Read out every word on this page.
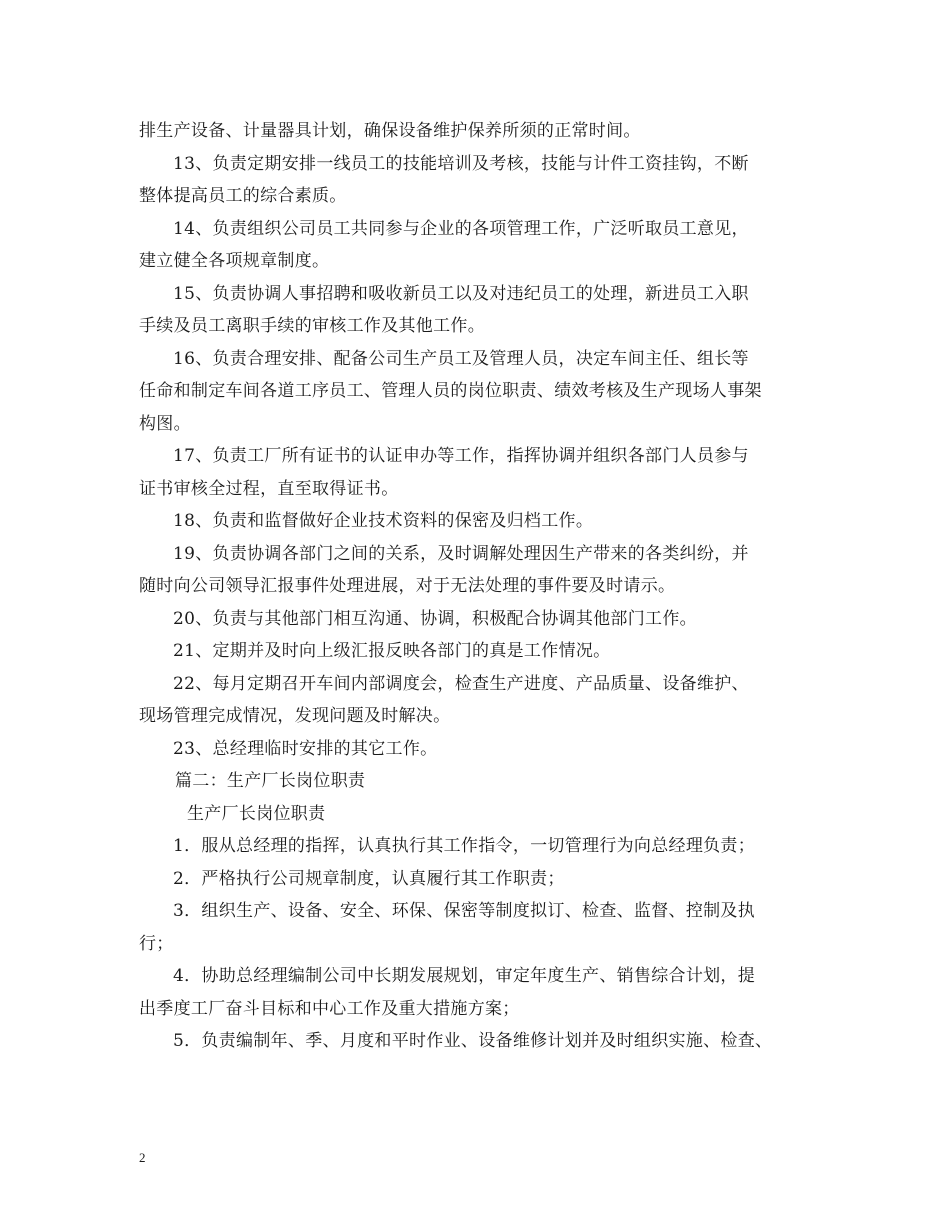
排生产设备、计量器具计划，确保设备维护保养所须的正常时间。
13、负责定期安排一线员工的技能培训及考核，技能与计件工资挂钩，不断
整体提高员工的综合素质。
14、负责组织公司员工共同参与企业的各项管理工作，广泛听取员工意见，
建立健全各项规章制度。
15、负责协调人事招聘和吸收新员工以及对违纪员工的处理，新进员工入职
手续及员工离职手续的审核工作及其他工作。
16、负责合理安排、配备公司生产员工及管理人员，决定车间主任、组长等
任命和制定车间各道工序员工、管理人员的岗位职责、绩效考核及生产现场人事架
构图。
17、负责工厂所有证书的认证申办等工作，指挥协调并组织各部门人员参与
证书审核全过程，直至取得证书。
18、负责和监督做好企业技术资料的保密及归档工作。
19、负责协调各部门之间的关系，及时调解处理因生产带来的各类纠纷，并
随时向公司领导汇报事件处理进展，对于无法处理的事件要及时请示。
20、负责与其他部门相互沟通、协调，积极配合协调其他部门工作。
21、定期并及时向上级汇报反映各部门的真是工作情况。
22、每月定期召开车间内部调度会，检查生产进度、产品质量、设备维护、
现场管理完成情况，发现问题及时解决。
23、总经理临时安排的其它工作。
篇二：生产厂长岗位职责
生产厂长岗位职责
1．服从总经理的指挥，认真执行其工作指令，一切管理行为向总经理负责；
2．严格执行公司规章制度，认真履行其工作职责；
3．组织生产、设备、安全、环保、保密等制度拟订、检查、监督、控制及执
行；
4．协助总经理编制公司中长期发展规划，审定年度生产、销售综合计划，提
出季度工厂奋斗目标和中心工作及重大措施方案；
5．负责编制年、季、月度和平时作业、设备维修计划并及时组织实施、检查、
2
